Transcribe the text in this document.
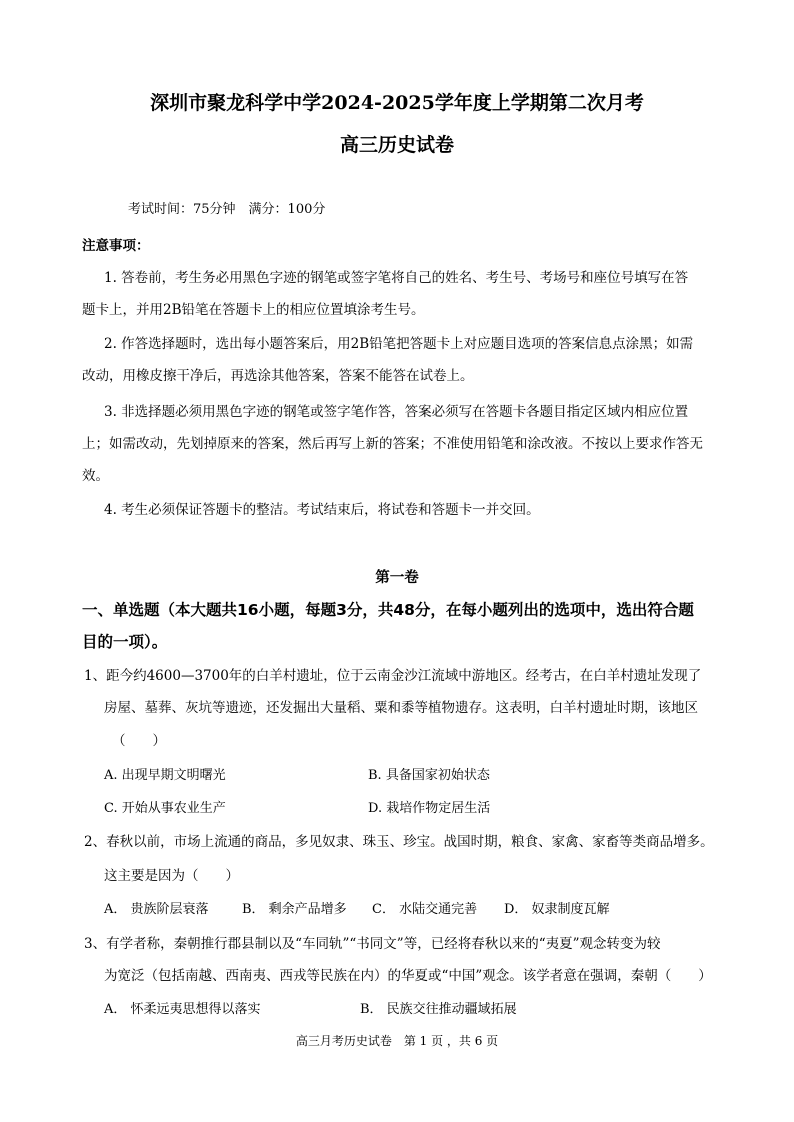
深圳市聚龙科学中学2024-2025学年度上学期第二次月考
高三历史试卷
考试时间：75分钟　满分：100分
注意事项：
1. 答卷前，考生务必用黑色字迹的钢笔或签字笔将自己的姓名、考生号、考场号和座位号填写在答
题卡上，并用2B铅笔在答题卡上的相应位置填涂考生号。
2. 作答选择题时，选出每小题答案后，用2B铅笔把答题卡上对应题目选项的答案信息点涂黑；如需
改动，用橡皮擦干净后，再选涂其他答案，答案不能答在试卷上。
3. 非选择题必须用黑色字迹的钢笔或签字笔作答，答案必须写在答题卡各题目指定区域内相应位置
上；如需改动，先划掉原来的答案，然后再写上新的答案；不准使用铅笔和涂改液。不按以上要求作答无
效。
4. 考生必须保证答题卡的整洁。考试结束后，将试卷和答题卡一并交回。
第一卷
一、单选题（本大题共16小题，每题3分，共48分，在每小题列出的选项中，选出符合题
目的一项）。
1、距今约4600—3700年的白羊村遗址，位于云南金沙江流域中游地区。经考古，在白羊村遗址发现了
房屋、墓葬、灰坑等遗迹，还发掘出大量稻、粟和黍等植物遗存。这表明，白羊村遗址时期，该地区
（　　）
A. 出现早期文明曙光	B. 具备国家初始状态
C. 开始从事农业生产	D. 栽培作物定居生活
2、春秋以前，市场上流通的商品，多见奴隶、珠玉、珍宝。战国时期，粮食、家禽、家畜等类商品增多。
这主要是因为（　　）
A． 贵族阶层衰落	B． 剩余产品增多 C． 水陆交通完善 D． 奴隶制度瓦解
3、有学者称，秦朝推行郡县制以及“车同轨”“书同文”等，已经将春秋以来的“夷夏”观念转变为较
为宽泛（包括南越、西南夷、西戎等民族在内）的华夏或“中国”观念。该学者意在强调，秦朝（　　）
A． 怀柔远夷思想得以落实	B． 民族交往推动疆域拓展
高三月考历史试卷　第 1 页 ，共 6 页
